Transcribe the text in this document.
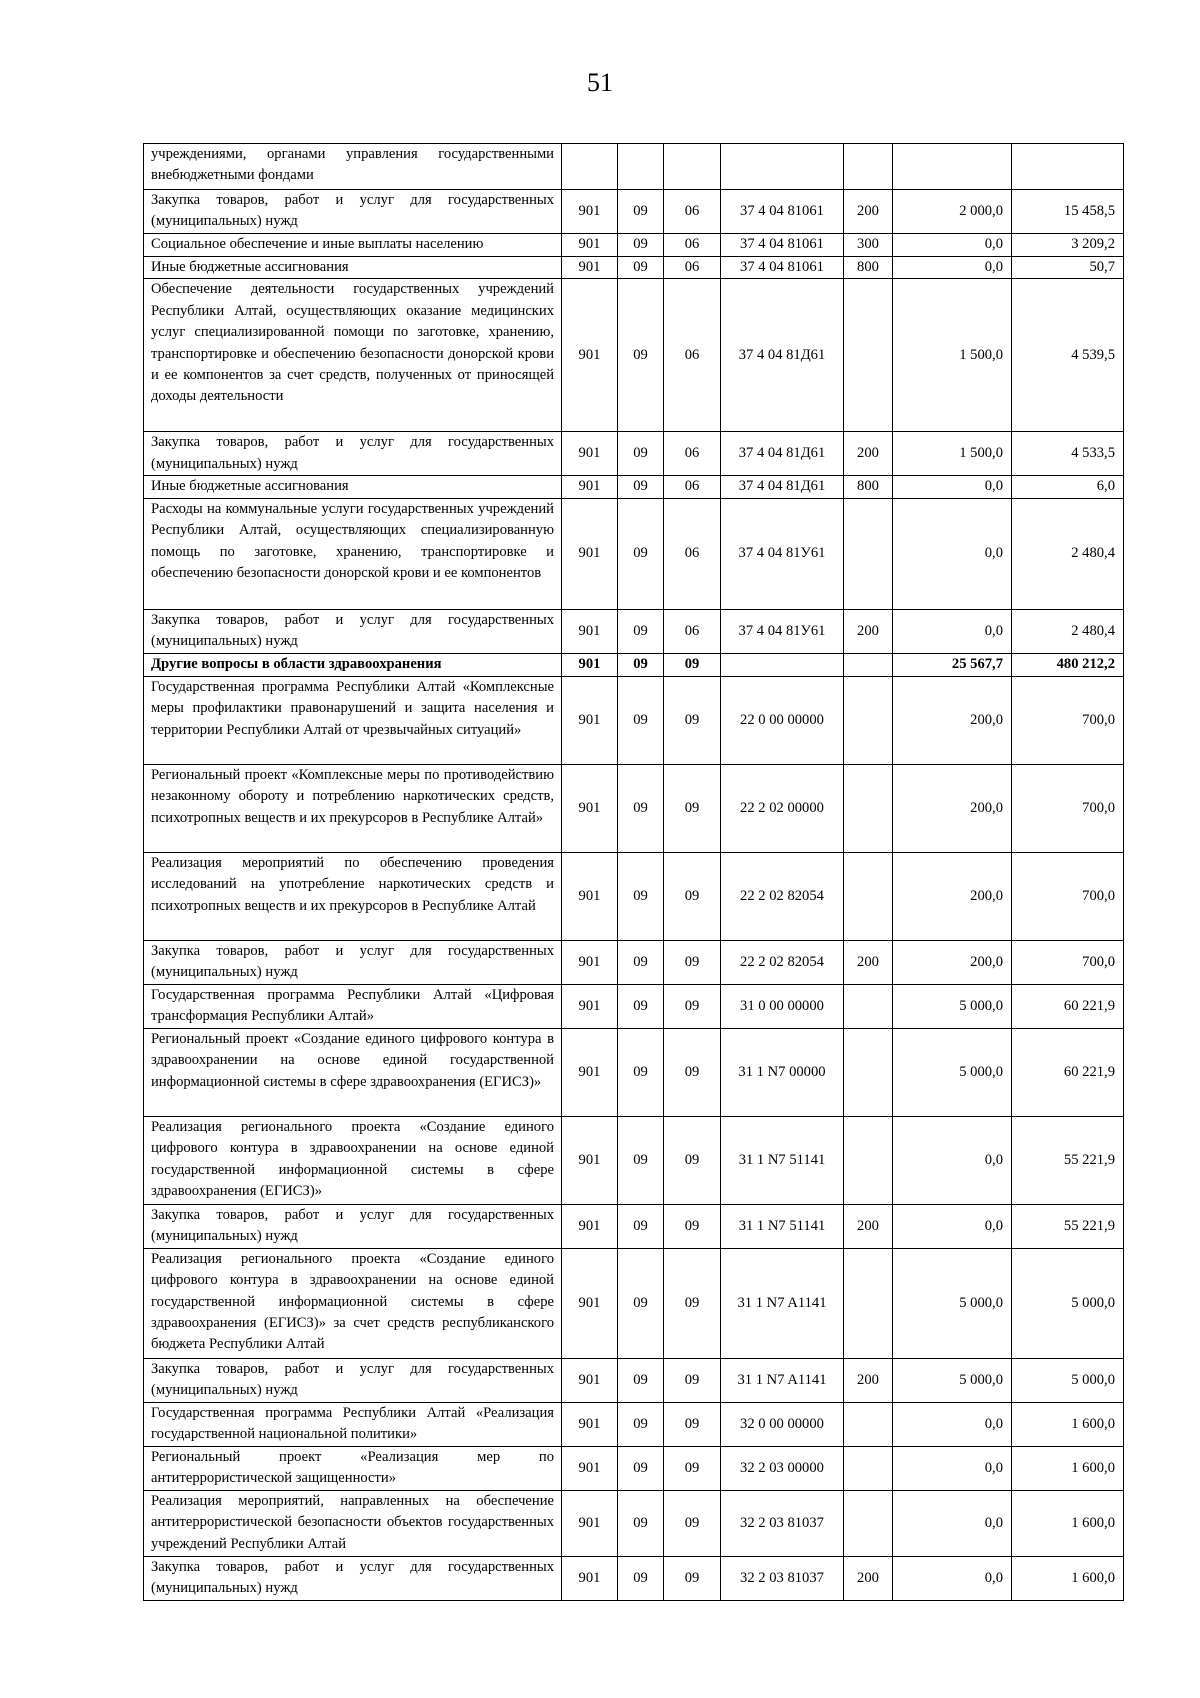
51
учреждениями, органами управления государственными внебюджетными фондами							
Закупка товаров, работ и услуг для государственных (муниципальных) нужд	901	09	06	37 4 04 81061	200	2 000,0	15 458,5
Социальное обеспечение и иные выплаты населению	901	09	06	37 4 04 81061	300	0,0	3 209,2
Иные бюджетные ассигнования	901	09	06	37 4 04 81061	800	0,0	50,7
Обеспечение деятельности государственных учреждений Республики Алтай, осуществляющих оказание медицинских услуг специализированной помощи по заготовке, хранению, транспортировке и обеспечению безопасности донорской крови и ее компонентов за счет средств, полученных от приносящей доходы деятельности	901	09	06	37 4 04 81Д61		1 500,0	4 539,5
Закупка товаров, работ и услуг для государственных (муниципальных) нужд	901	09	06	37 4 04 81Д61	200	1 500,0	4 533,5
Иные бюджетные ассигнования	901	09	06	37 4 04 81Д61	800	0,0	6,0
Расходы на коммунальные услуги государственных учреждений Республики Алтай, осуществляющих специализированную помощь по заготовке, хранению, транспортировке и обеспечению безопасности донорской крови и ее компонентов	901	09	06	37 4 04 81У61		0,0	2 480,4
Закупка товаров, работ и услуг для государственных (муниципальных) нужд	901	09	06	37 4 04 81У61	200	0,0	2 480,4
Другие вопросы в области здравоохранения	901	09	09			25 567,7	480 212,2
Государственная программа Республики Алтай «Комплексные меры профилактики правонарушений и защита населения и территории Республики Алтай от чрезвычайных ситуаций»	901	09	09	22 0 00 00000		200,0	700,0
Региональный проект «Комплексные меры по противодействию незаконному обороту и потреблению наркотических средств, психотропных веществ и их прекурсоров в Республике Алтай»	901	09	09	22 2 02 00000		200,0	700,0
Реализация мероприятий по обеспечению проведения исследований на употребление наркотических средств и психотропных веществ и их прекурсоров в Республике Алтай	901	09	09	22 2 02 82054		200,0	700,0
Закупка товаров, работ и услуг для государственных (муниципальных) нужд	901	09	09	22 2 02 82054	200	200,0	700,0
Государственная программа Республики Алтай «Цифровая трансформация Республики Алтай»	901	09	09	31 0 00 00000		5 000,0	60 221,9
Региональный проект «Создание единого цифрового контура в здравоохранении на основе единой государственной информационной системы в сфере здравоохранения (ЕГИСЗ)»	901	09	09	31 1 N7 00000		5 000,0	60 221,9
Реализация регионального проекта «Создание единого цифрового контура в здравоохранении на основе единой государственной информационной системы в сфере здравоохранения (ЕГИСЗ)»	901	09	09	31 1 N7 51141		0,0	55 221,9
Закупка товаров, работ и услуг для государственных (муниципальных) нужд	901	09	09	31 1 N7 51141	200	0,0	55 221,9
Реализация регионального проекта «Создание единого цифрового контура в здравоохранении на основе единой государственной информационной системы в сфере здравоохранения (ЕГИСЗ)» за счет средств республиканского бюджета Республики Алтай	901	09	09	31 1 N7 A1141		5 000,0	5 000,0
Закупка товаров, работ и услуг для государственных (муниципальных) нужд	901	09	09	31 1 N7 A1141	200	5 000,0	5 000,0
Государственная программа Республики Алтай «Реализация государственной национальной политики»	901	09	09	32 0 00 00000		0,0	1 600,0
Региональный проект «Реализация мер по антитеррористической защищенности»	901	09	09	32 2 03 00000		0,0	1 600,0
Реализация мероприятий, направленных на обеспечение антитеррористической безопасности объектов государственных учреждений Республики Алтай	901	09	09	32 2 03 81037		0,0	1 600,0
Закупка товаров, работ и услуг для государственных (муниципальных) нужд	901	09	09	32 2 03 81037	200	0,0	1 600,0
